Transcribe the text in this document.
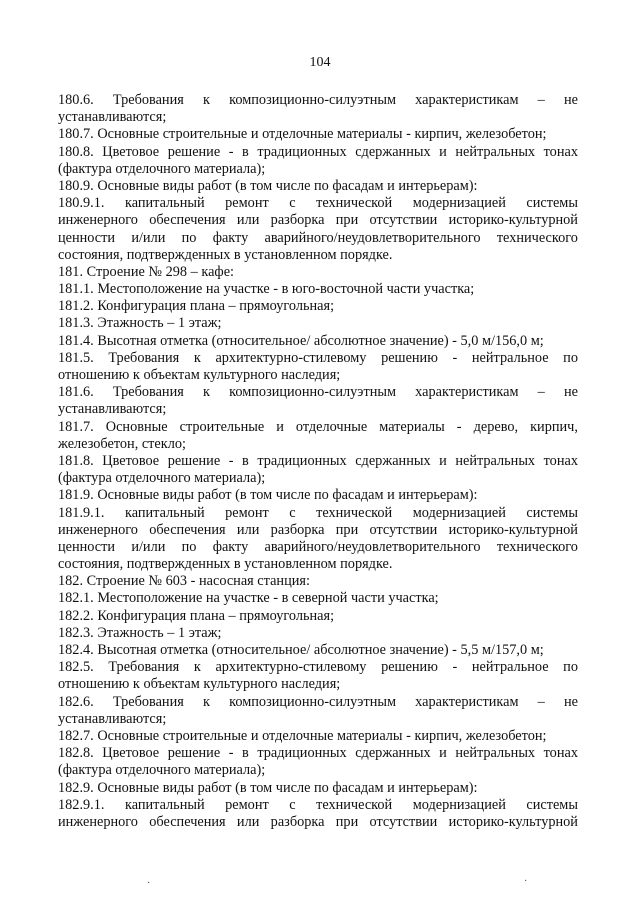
104
180.6. Требования к композиционно-силуэтным характеристикам – не
устанавливаются;
180.7. Основные строительные и отделочные материалы - кирпич, железобетон;
180.8. Цветовое решение - в традиционных сдержанных и нейтральных тонах
(фактура отделочного материала);
180.9. Основные виды работ (в том числе по фасадам и интерьерам):
180.9.1. капитальный ремонт с технической модернизацией системы
инженерного обеспечения или разборка при отсутствии историко-культурной
ценности и/или по факту аварийного/неудовлетворительного технического
состояния, подтвержденных в установленном порядке.
181. Строение № 298 – кафе:
181.1. Местоположение на участке - в юго-восточной части участка;
181.2. Конфигурация плана – прямоугольная;
181.3. Этажность – 1 этаж;
181.4. Высотная отметка (относительное/ абсолютное значение) - 5,0 м/156,0 м;
181.5. Требования к архитектурно-стилевому решению - нейтральное по
отношению к объектам культурного наследия;
181.6. Требования к композиционно-силуэтным характеристикам – не
устанавливаются;
181.7. Основные строительные и отделочные материалы - дерево, кирпич,
железобетон, стекло;
181.8. Цветовое решение - в традиционных сдержанных и нейтральных тонах
(фактура отделочного материала);
181.9. Основные виды работ (в том числе по фасадам и интерьерам):
181.9.1. капитальный ремонт с технической модернизацией системы
инженерного обеспечения или разборка при отсутствии историко-культурной
ценности и/или по факту аварийного/неудовлетворительного технического
состояния, подтвержденных в установленном порядке.
182. Строение № 603 - насосная станция:
182.1. Местоположение на участке - в северной части участка;
182.2. Конфигурация плана – прямоугольная;
182.3. Этажность – 1 этаж;
182.4. Высотная отметка (относительное/ абсолютное значение) - 5,5 м/157,0 м;
182.5. Требования к архитектурно-стилевому решению - нейтральное по
отношению к объектам культурного наследия;
182.6. Требования к композиционно-силуэтным характеристикам – не
устанавливаются;
182.7. Основные строительные и отделочные материалы - кирпич, железобетон;
182.8. Цветовое решение - в традиционных сдержанных и нейтральных тонах
(фактура отделочного материала);
182.9. Основные виды работ (в том числе по фасадам и интерьерам):
182.9.1. капитальный ремонт с технической модернизацией системы
инженерного обеспечения или разборка при отсутствии историко-культурной
·	·
